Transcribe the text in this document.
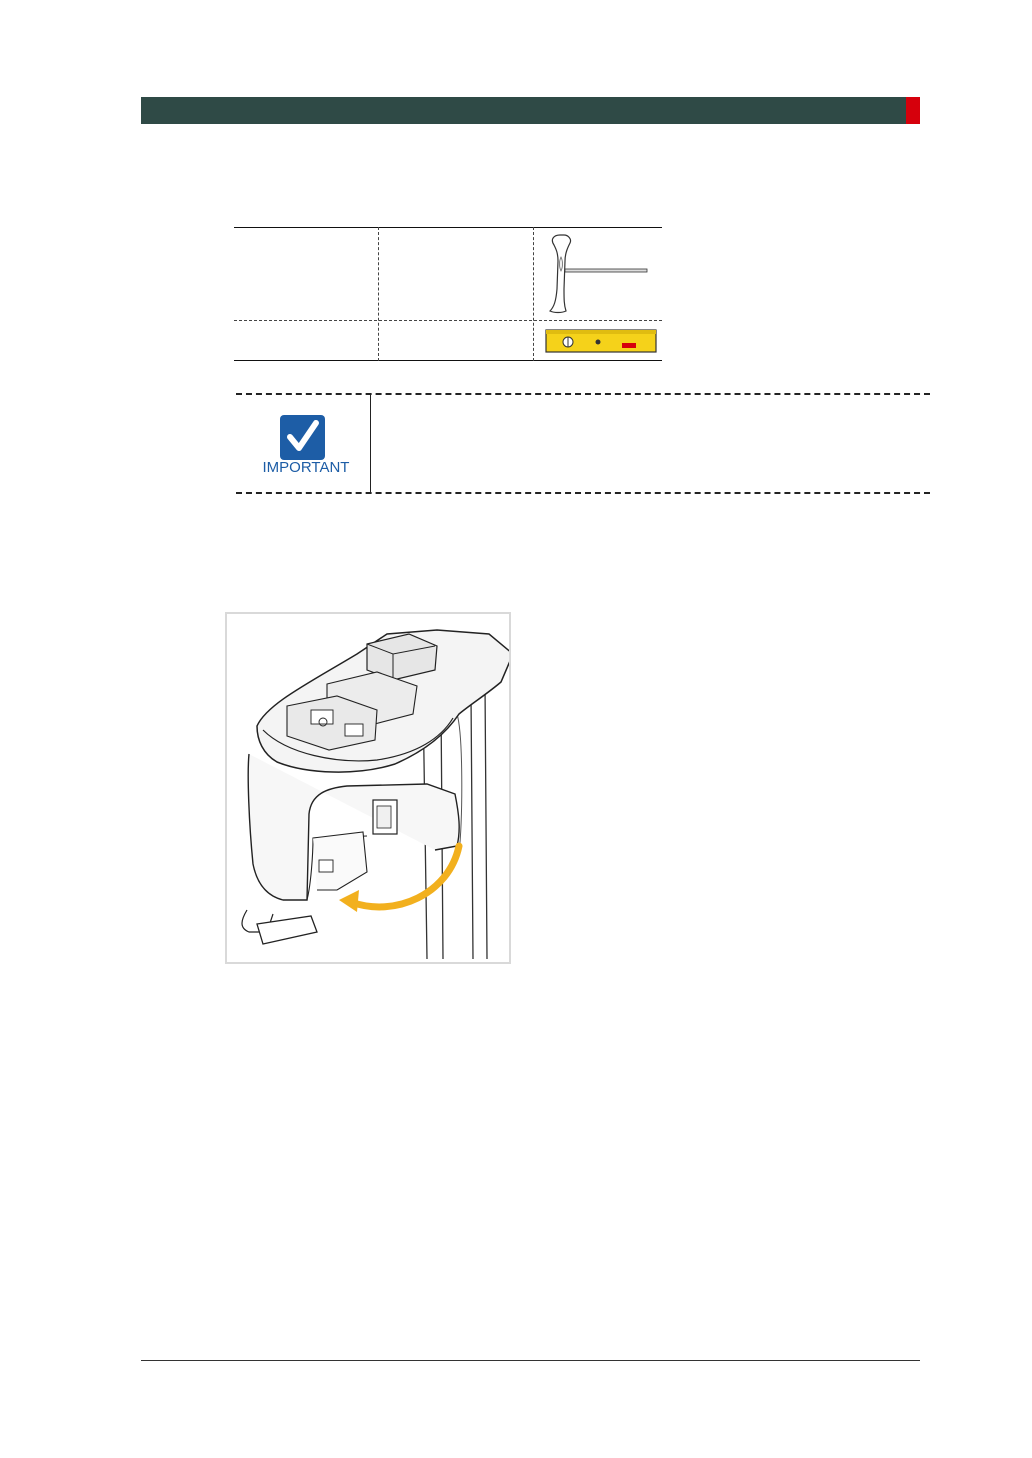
IMPORTANT
